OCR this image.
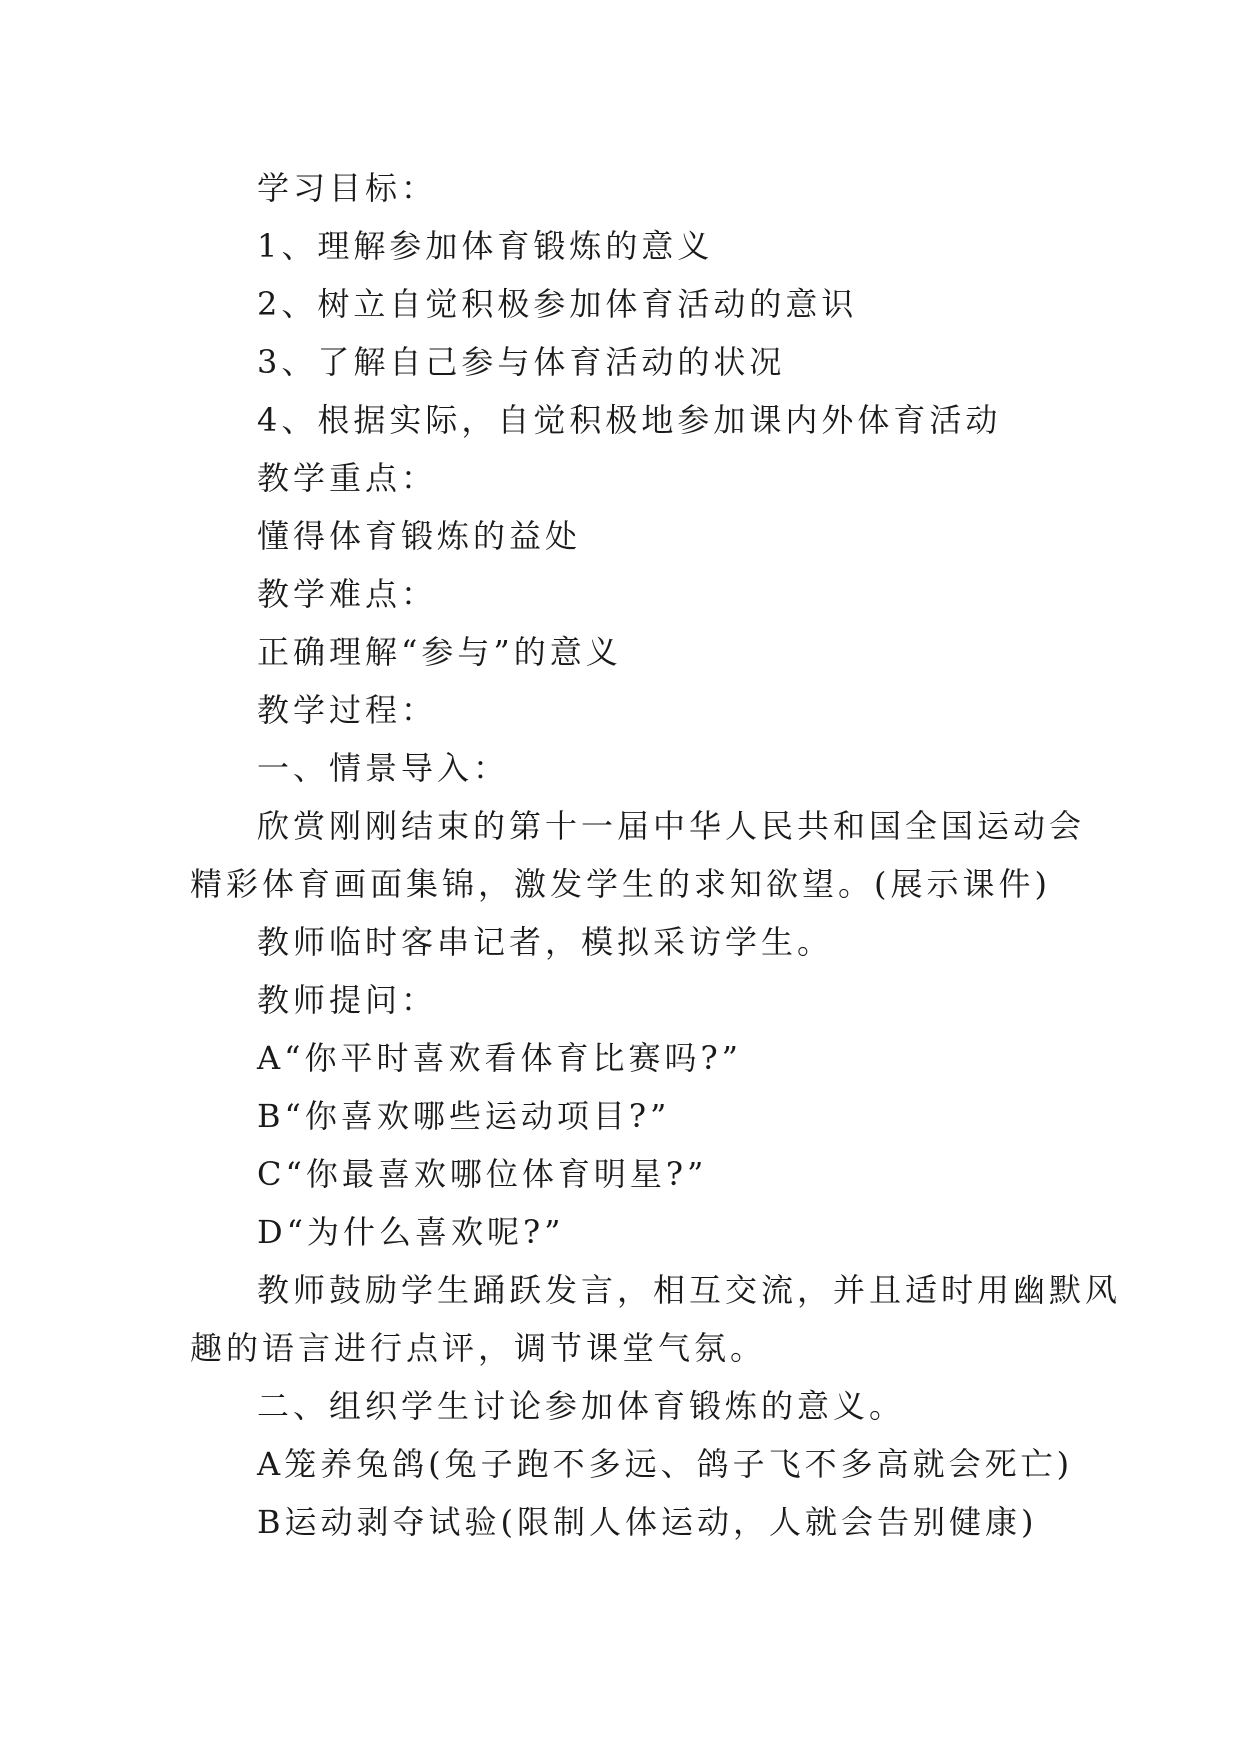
学习目标：
1、理解参加体育锻炼的意义
2、树立自觉积极参加体育活动的意识
3、了解自己参与体育活动的状况
4、根据实际，自觉积极地参加课内外体育活动
教学重点：
懂得体育锻炼的益处
教学难点：
正确理解“参与”的意义
教学过程：
一、情景导入：
欣赏刚刚结束的第十一届中华人民共和国全国运动会
精彩体育画面集锦，激发学生的求知欲望。(展示课件)
教师临时客串记者，模拟采访学生。
教师提问：
A“你平时喜欢看体育比赛吗?”
B“你喜欢哪些运动项目?”
C“你最喜欢哪位体育明星?”
D“为什么喜欢呢?”
教师鼓励学生踊跃发言，相互交流，并且适时用幽默风
趣的语言进行点评，调节课堂气氛。
二、组织学生讨论参加体育锻炼的意义。
A笼养兔鸽(兔子跑不多远、鸽子飞不多高就会死亡)
B运动剥夺试验(限制人体运动，人就会告别健康)
